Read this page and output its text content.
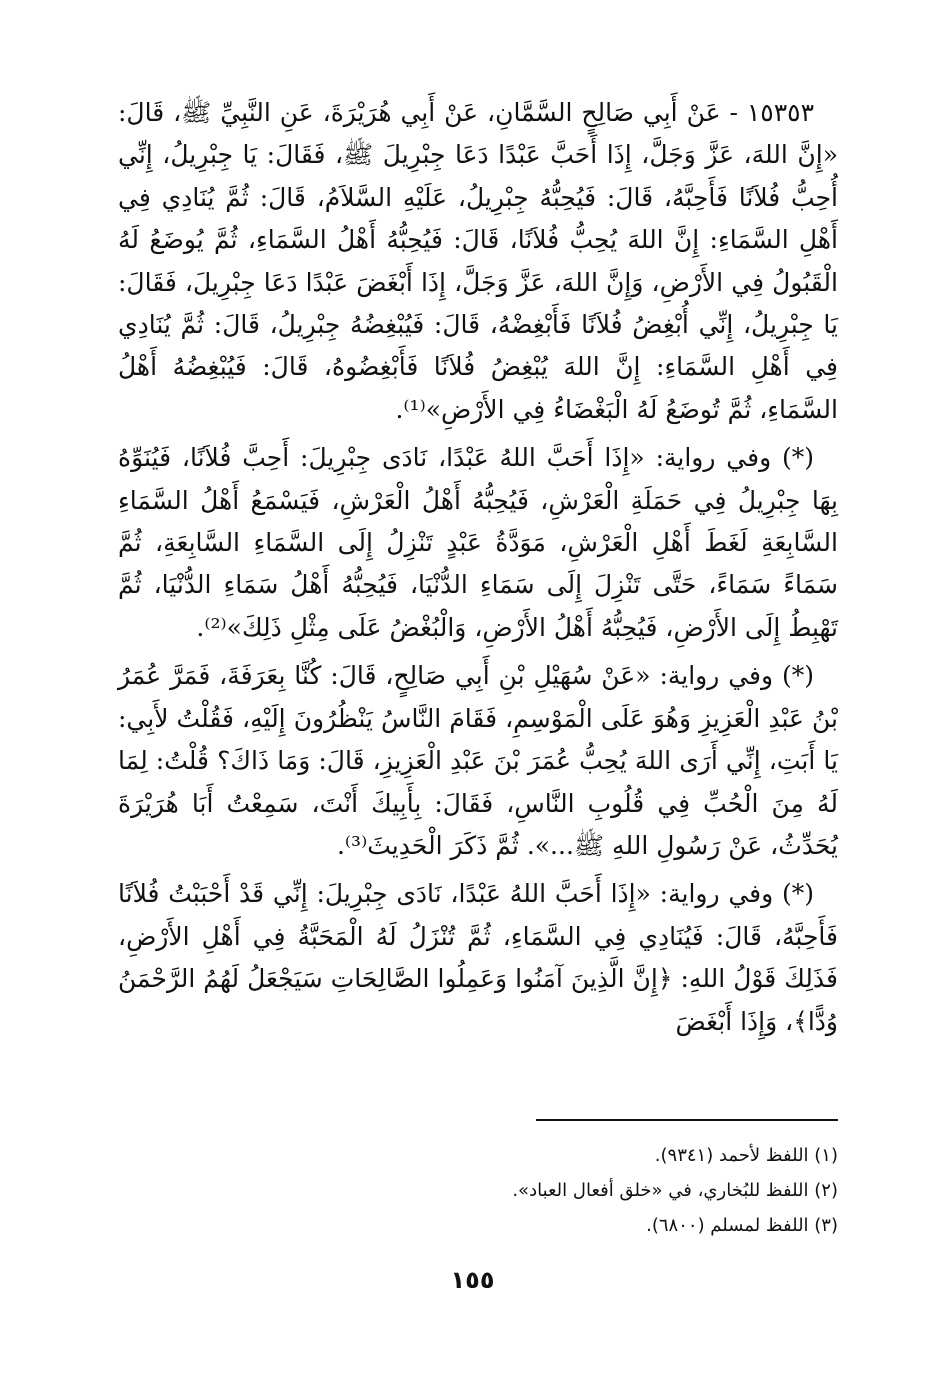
١٥٣٥٣ - عَنْ أَبِي صَالِحٍ السَّمَّانِ، عَنْ أَبِي هُرَيْرَةَ، عَنِ النَّبِيِّ ﷺ، قَالَ: «إِنَّ اللهَ، عَزَّ وَجَلَّ، إِذَا أَحَبَّ عَبْدًا دَعَا جِبْرِيلَ ﷺ، فَقَالَ: يَا جِبْرِيلُ، إِنِّي أُحِبُّ فُلاَنًا فَأَحِبَّهُ، قَالَ: فَيُحِبُّهُ جِبْرِيلُ، عَلَيْهِ السَّلاَمُ، قَالَ: ثُمَّ يُنَادِي فِي أَهْلِ السَّمَاءِ: إِنَّ اللهَ يُحِبُّ فُلاَنًا، قَالَ: فَيُحِبُّهُ أَهْلُ السَّمَاءِ، ثُمَّ يُوضَعُ لَهُ الْقَبُولُ فِي الأَرْضِ، وَإِنَّ اللهَ، عَزَّ وَجَلَّ، إِذَا أَبْغَضَ عَبْدًا دَعَا جِبْرِيلَ، فَقَالَ: يَا جِبْرِيلُ، إِنِّي أُبْغِضُ فُلاَنًا فَأَبْغِضْهُ، قَالَ: فَيُبْغِضُهُ جِبْرِيلُ، قَالَ: ثُمَّ يُنَادِي فِي أَهْلِ السَّمَاءِ: إِنَّ اللهَ يُبْغِضُ فُلاَنًا فَأَبْغِضُوهُ، قَالَ: فَيُبْغِضُهُ أَهْلُ السَّمَاءِ، ثُمَّ تُوضَعُ لَهُ الْبَغْضَاءُ فِي الأَرْضِ»⁽¹⁾.

(*) وفي رواية: «إِذَا أَحَبَّ اللهُ عَبْدًا، نَادَى جِبْرِيلَ: أَحِبَّ فُلاَنًا، فَيُنَوِّهُ بِهَا جِبْرِيلُ فِي حَمَلَةِ الْعَرْشِ، فَيُحِبُّهُ أَهْلُ الْعَرْشِ، فَيَسْمَعُ أَهْلُ السَّمَاءِ السَّابِعَةِ لَغَطَ أَهْلِ الْعَرْشِ، مَوَدَّةُ عَبْدٍ تَنْزِلُ إِلَى السَّمَاءِ السَّابِعَةِ، ثُمَّ سَمَاءً سَمَاءً، حَتَّى تَنْزِلَ إِلَى سَمَاءِ الدُّنْيَا، فَيُحِبُّهُ أَهْلُ سَمَاءِ الدُّنْيَا، ثُمَّ تَهْبِطُ إِلَى الأَرْضِ، فَيُحِبُّهُ أَهْلُ الأَرْضِ، وَالْبُغْضُ عَلَى مِثْلِ ذَلِكَ»⁽²⁾.

(*) وفي رواية: «عَنْ سُهَيْلِ بْنِ أَبِي صَالِحٍ، قَالَ: كُنَّا بِعَرَفَةَ، فَمَرَّ عُمَرُ بْنُ عَبْدِ الْعَزِيزِ وَهُوَ عَلَى الْمَوْسِمِ، فَقَامَ النَّاسُ يَنْظُرُونَ إِلَيْهِ، فَقُلْتُ لأَبِي: يَا أَبَتِ، إِنِّي أَرَى اللهَ يُحِبُّ عُمَرَ بْنَ عَبْدِ الْعَزِيزِ، قَالَ: وَمَا ذَاكَ؟ قُلْتُ: لِمَا لَهُ مِنَ الْحُبِّ فِي قُلُوبِ النَّاسِ، فَقَالَ: بِأَبِيكَ أَنْتَ، سَمِعْتُ أَبَا هُرَيْرَةَ يُحَدِّثُ، عَنْ رَسُولِ اللهِ ﷺ...». ثُمَّ ذَكَرَ الْحَدِيثَ⁽³⁾.

(*) وفي رواية: «إِذَا أَحَبَّ اللهُ عَبْدًا، نَادَى جِبْرِيلَ: إِنِّي قَدْ أَحْبَبْتُ فُلاَنًا فَأَحِبَّهُ، قَالَ: فَيُنَادِي فِي السَّمَاءِ، ثُمَّ تُنْزَلُ لَهُ الْمَحَبَّةُ فِي أَهْلِ الأَرْضِ، فَذَلِكَ قَوْلُ اللهِ: ﴿إِنَّ الَّذِينَ آمَنُوا وَعَمِلُوا الصَّالِحَاتِ سَيَجْعَلُ لَهُمُ الرَّحْمَنُ وُدًّا﴾، وَإِذَا أَبْغَضَ

(١) اللفظ لأحمد (٩٣٤١).
(٢) اللفظ للبُخاري، في «خلق أفعال العباد».
(٣) اللفظ لمسلم (٦٨٠٠).
١٥٥
